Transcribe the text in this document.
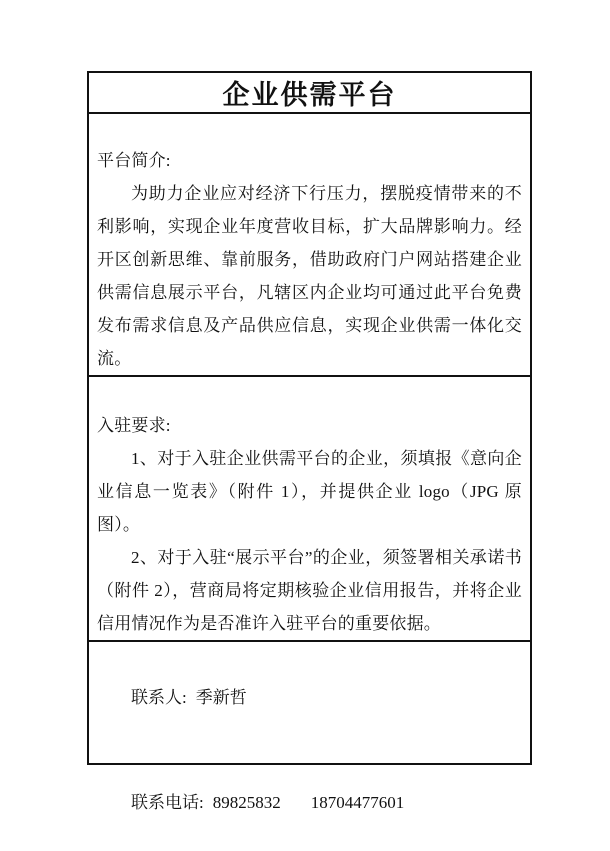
企业供需平台

平台简介:

为助力企业应对经济下行压力，摆脱疫情带来的不利影响，实现企业年度营收目标，扩大品牌影响力。经开区创新思维、靠前服务，借助政府门户网站搭建企业供需信息展示平台，凡辖区内企业均可通过此平台免费发布需求信息及产品供应信息，实现企业供需一体化交流。

入驻要求:

1、对于入驻企业供需平台的企业，须填报《意向企业信息一览表》（附件 1），并提供企业 logo（JPG 原图）。

2、对于入驻“展示平台”的企业，须签署相关承诺书（附件 2），营商局将定期核验企业信用报告，并将企业信用情况作为是否准许入驻平台的重要依据。

联系人: 季新哲

联系电话: 89825832 18704477601
